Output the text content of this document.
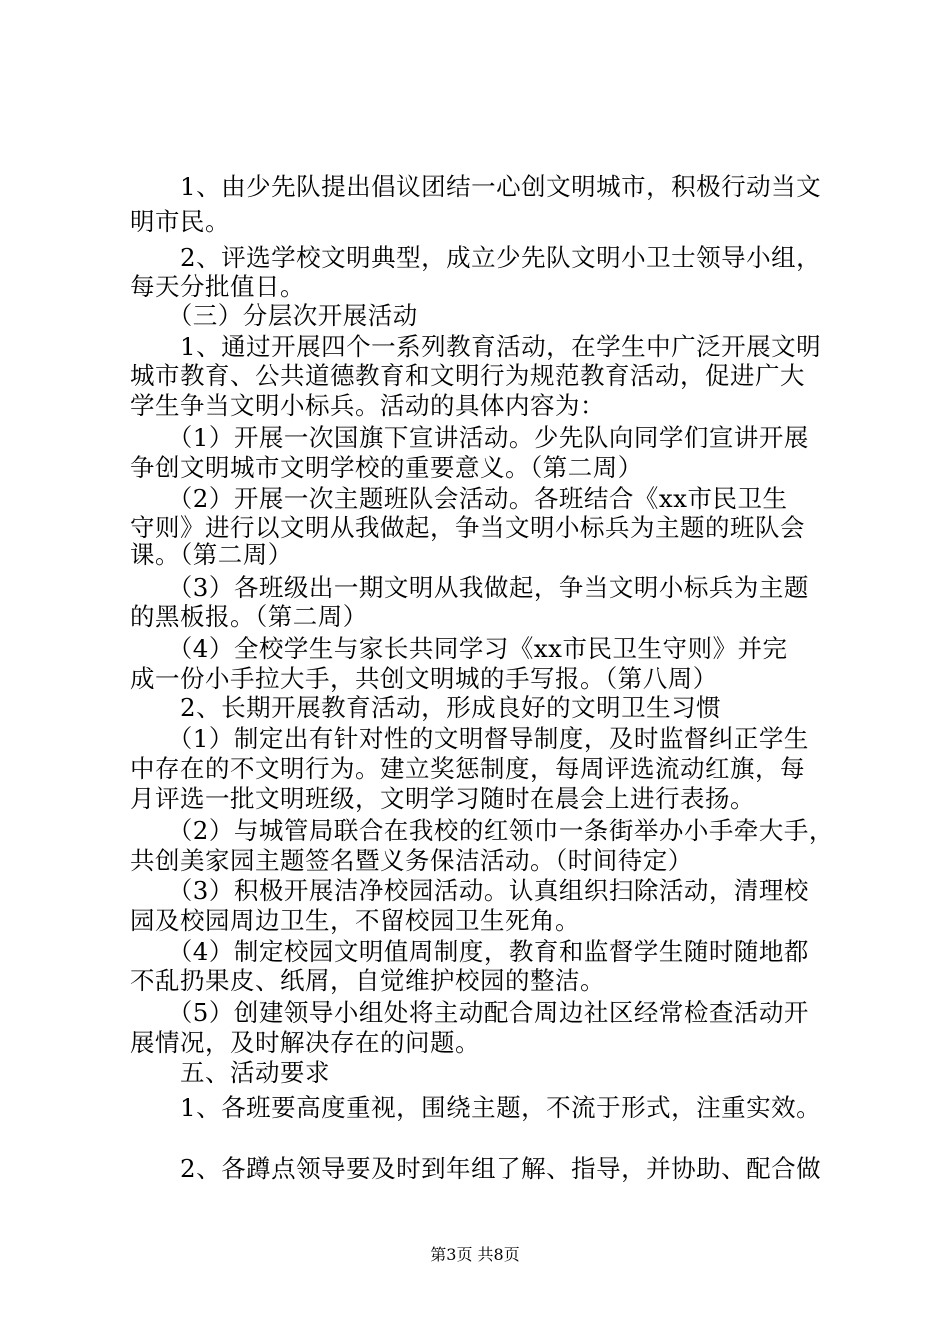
　　1、由少先队提出倡议团结一心创文明城市，积极行动当文
明市民。
　　2、评选学校文明典型，成立少先队文明小卫士领导小组，
每天分批值日。
　　（三）分层次开展活动
　　1、通过开展四个一系列教育活动，在学生中广泛开展文明
城市教育、公共道德教育和文明行为规范教育活动，促进广大
学生争当文明小标兵。活动的具体内容为：
　　（1）开展一次国旗下宣讲活动。少先队向同学们宣讲开展
争创文明城市文明学校的重要意义。（第二周）
　　（2）开展一次主题班队会活动。各班结合《xx市民卫生
守则》进行以文明从我做起，争当文明小标兵为主题的班队会
课。（第二周）
　　（3）各班级出一期文明从我做起，争当文明小标兵为主题
的黑板报。（第二周）
　　（4）全校学生与家长共同学习《xx市民卫生守则》并完
成一份小手拉大手，共创文明城的手写报。（第八周）
　　2、长期开展教育活动，形成良好的文明卫生习惯
　　（1）制定出有针对性的文明督导制度，及时监督纠正学生
中存在的不文明行为。建立奖惩制度，每周评选流动红旗，每
月评选一批文明班级，文明学习随时在晨会上进行表扬。
　　（2）与城管局联合在我校的红领巾一条街举办小手牵大手，
共创美家园主题签名暨义务保洁活动。（时间待定）
　　（3）积极开展洁净校园活动。认真组织扫除活动，清理校
园及校园周边卫生，不留校园卫生死角。
　　（4）制定校园文明值周制度，教育和监督学生随时随地都
不乱扔果皮、纸屑，自觉维护校园的整洁。
　　（5）创建领导小组处将主动配合周边社区经常检查活动开
展情况，及时解决存在的问题。
　　五、活动要求
　　1、各班要高度重视，围绕主题，不流于形式，注重实效。
　　2、各蹲点领导要及时到年组了解、指导，并协助、配合做
第3页 共8页
